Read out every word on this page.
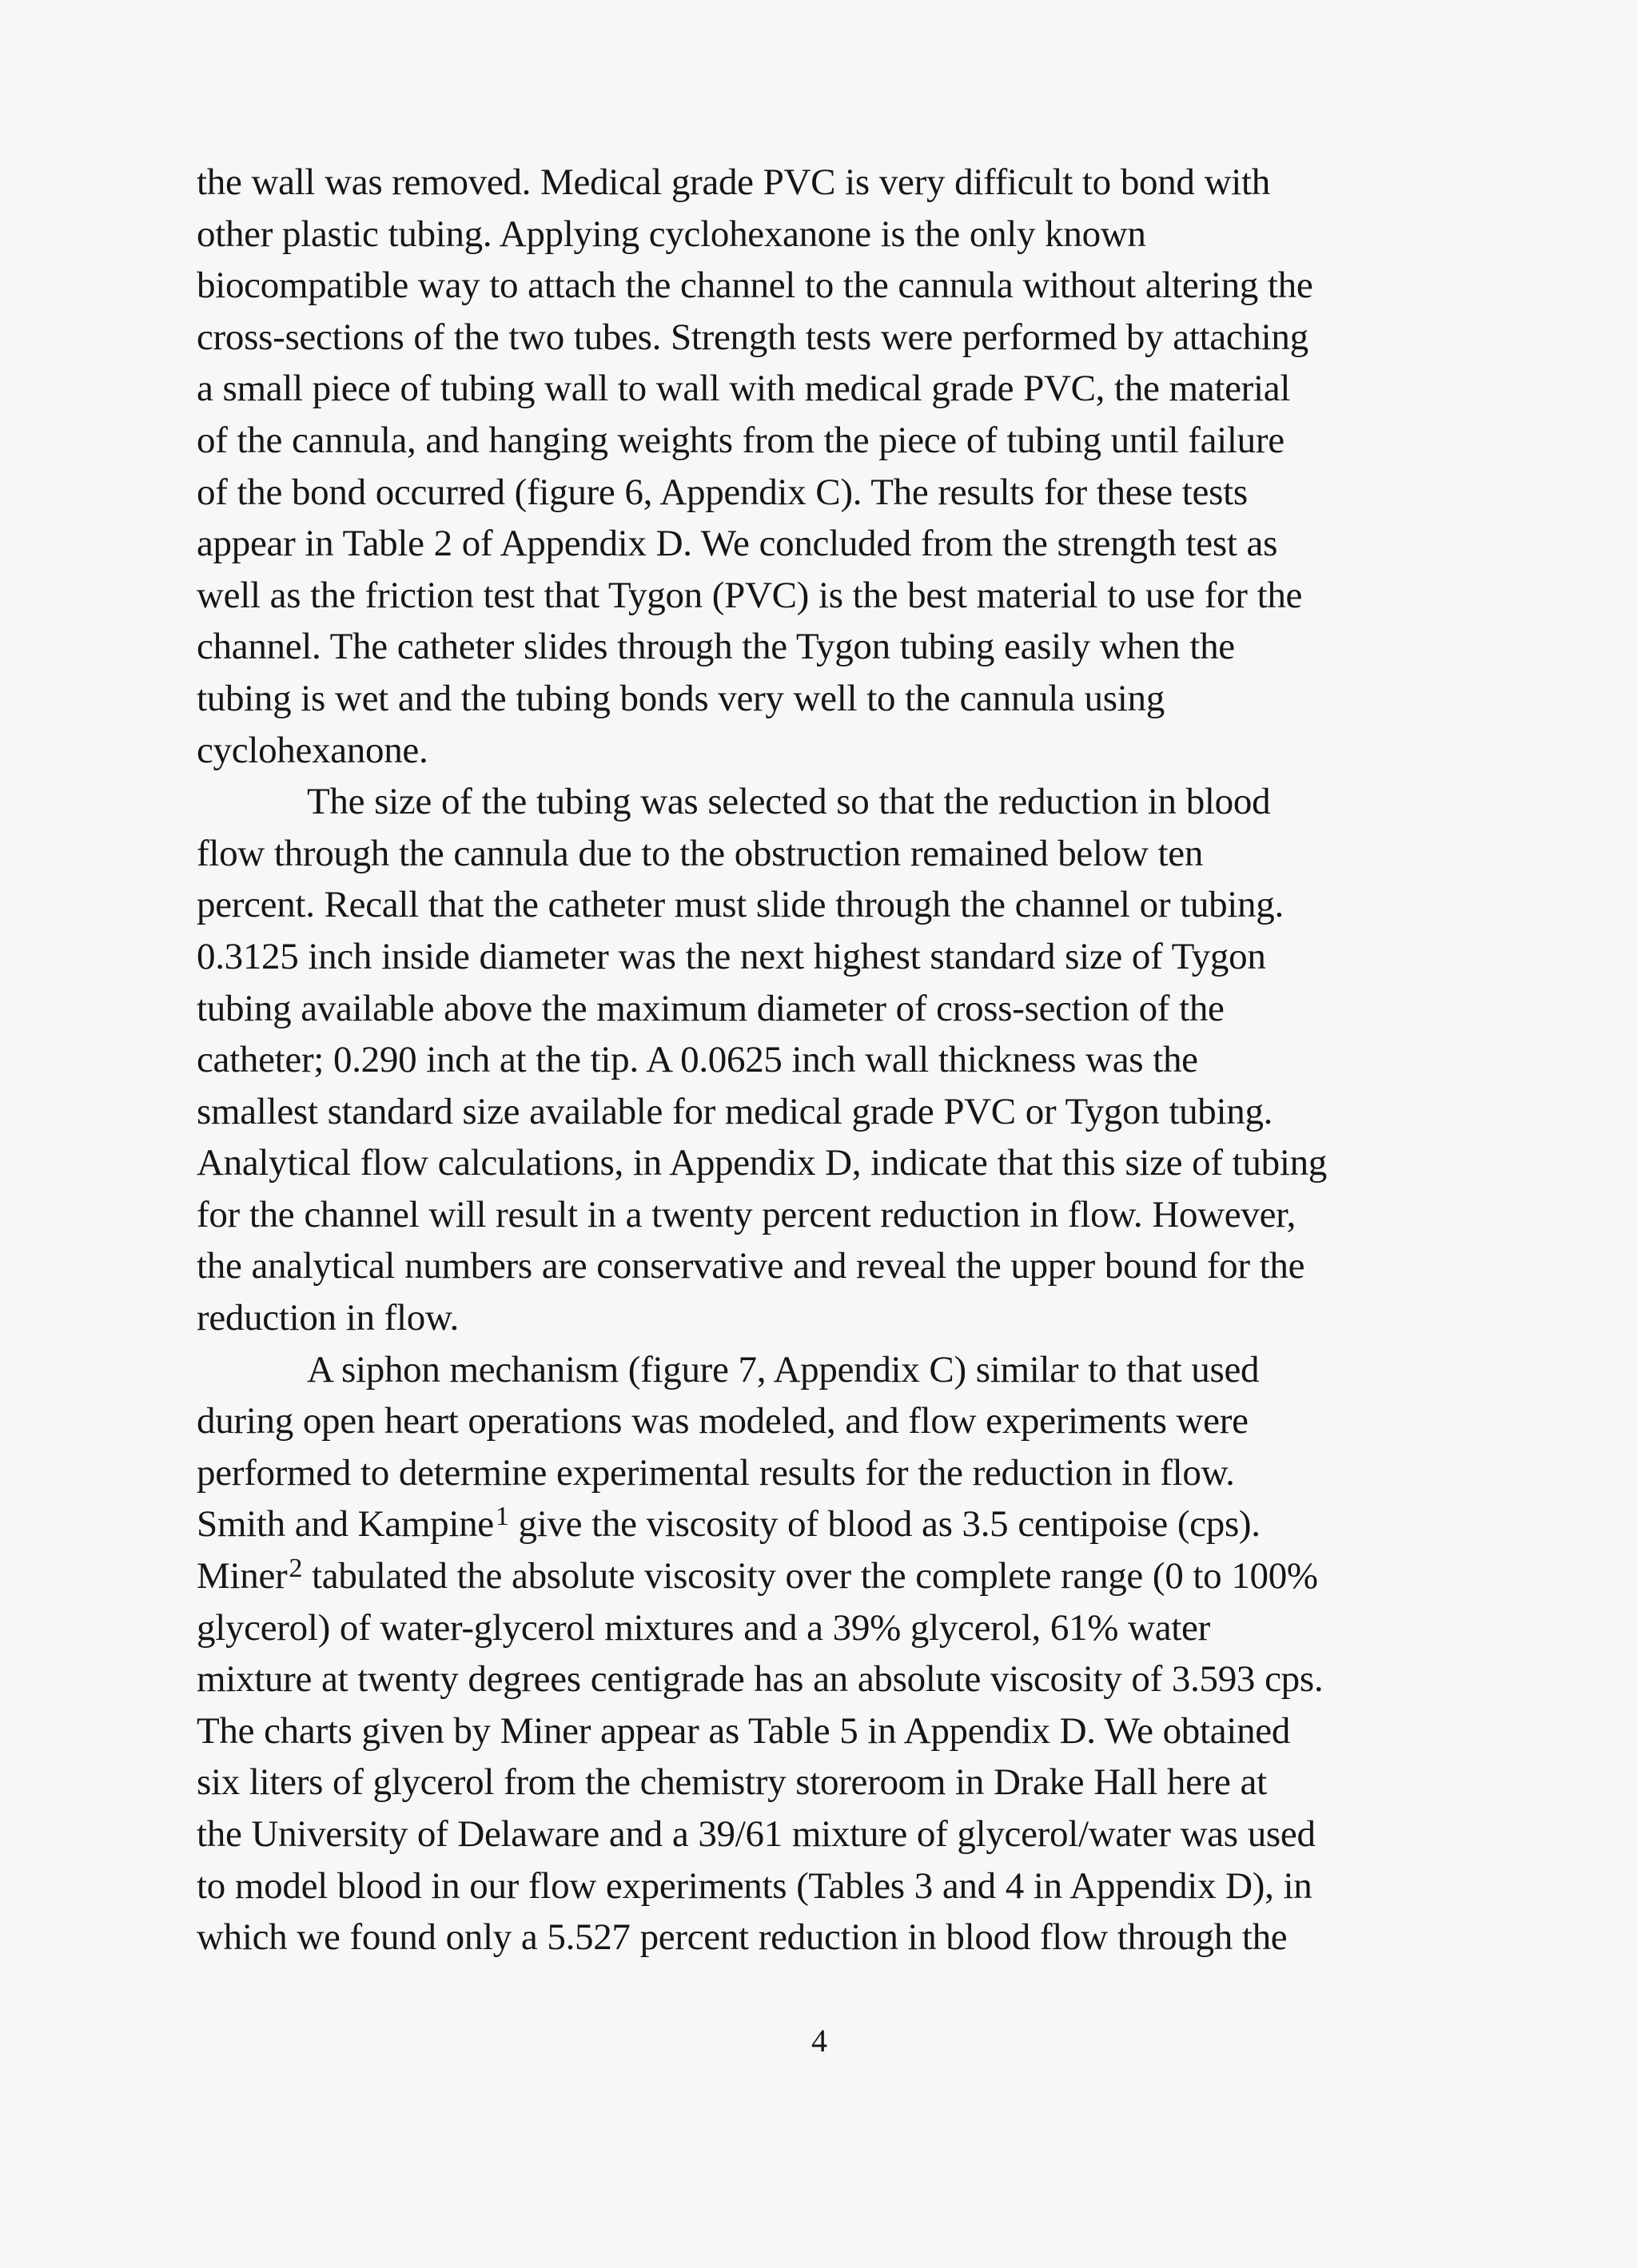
the wall was removed. Medical grade PVC is very difficult to bond with
other plastic tubing. Applying cyclohexanone is the only known
biocompatible way to attach the channel to the cannula without altering the
cross-sections of the two tubes. Strength tests were performed by attaching
a small piece of tubing wall to wall with medical grade PVC, the material
of the cannula, and hanging weights from the piece of tubing until failure
of the bond occurred (figure 6, Appendix C). The results for these tests
appear in Table 2 of Appendix D. We concluded from the strength test as
well as the friction test that Tygon (PVC) is the best material to use for the
channel. The catheter slides through the Tygon tubing easily when the
tubing is wet and the tubing bonds very well to the cannula using
cyclohexanone.
The size of the tubing was selected so that the reduction in blood
flow through the cannula due to the obstruction remained below ten
percent. Recall that the catheter must slide through the channel or tubing.
0.3125 inch inside diameter was the next highest standard size of Tygon
tubing available above the maximum diameter of cross-section of the
catheter; 0.290 inch at the tip. A 0.0625 inch wall thickness was the
smallest standard size available for medical grade PVC or Tygon tubing.
Analytical flow calculations, in Appendix D, indicate that this size of tubing
for the channel will result in a twenty percent reduction in flow. However,
the analytical numbers are conservative and reveal the upper bound for the
reduction in flow.
A siphon mechanism (figure 7, Appendix C) similar to that used
during open heart operations was modeled, and flow experiments were
performed to determine experimental results for the reduction in flow.
Smith and Kampine$^1$ give the viscosity of blood as 3.5 centipoise (cps).
Miner$^2$ tabulated the absolute viscosity over the complete range (0 to 100%
glycerol) of water-glycerol mixtures and a 39% glycerol, 61% water
mixture at twenty degrees centigrade has an absolute viscosity of 3.593 cps.
The charts given by Miner appear as Table 5 in Appendix D. We obtained
six liters of glycerol from the chemistry storeroom in Drake Hall here at
the University of Delaware and a 39/61 mixture of glycerol/water was used
to model blood in our flow experiments (Tables 3 and 4 in Appendix D), in
which we found only a 5.527 percent reduction in blood flow through the
4
